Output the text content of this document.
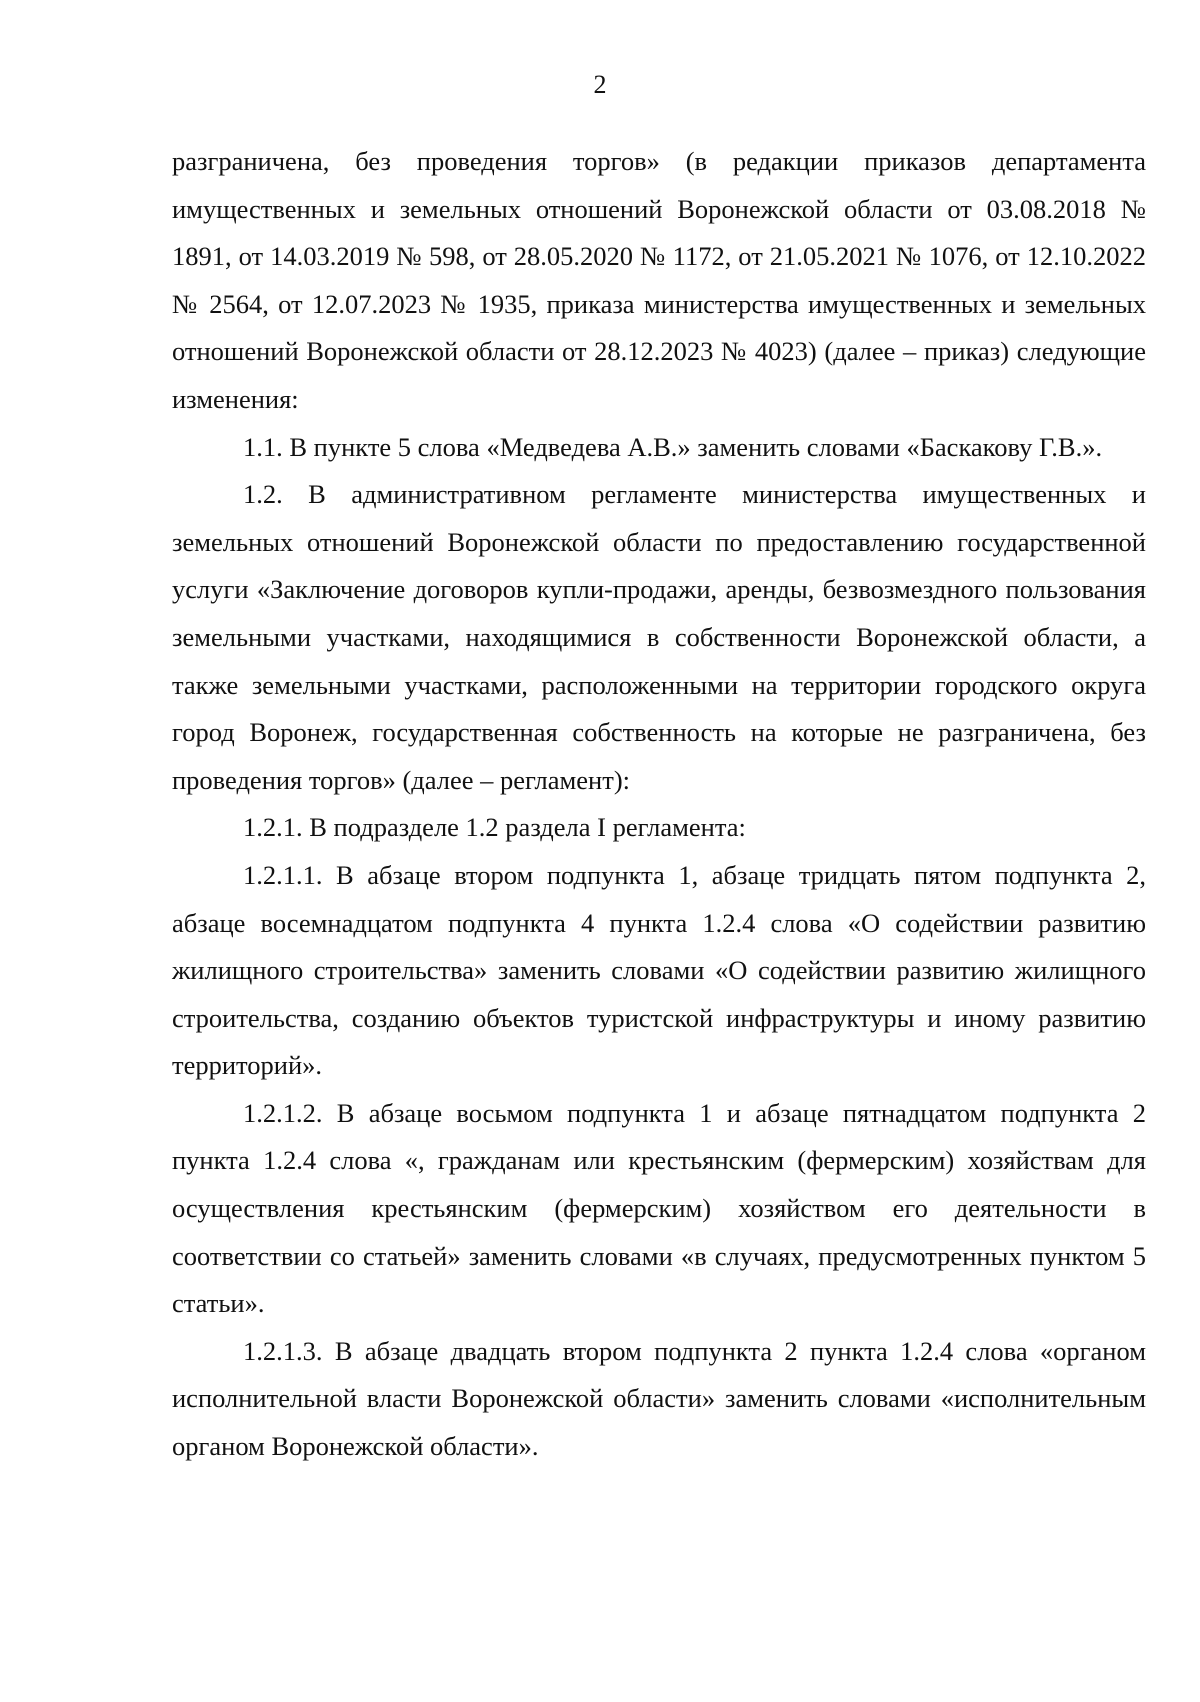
2

разграничена, без проведения торгов» (в редакции приказов департамента имущественных и земельных отношений Воронежской области от 03.08.2018 № 1891, от 14.03.2019 № 598, от 28.05.2020 № 1172, от 21.05.2021 № 1076, от 12.10.2022 № 2564, от 12.07.2023 № 1935, приказа министерства имущественных и земельных отношений Воронежской области от 28.12.2023 № 4023) (далее – приказ) следующие изменения:

1.1. В пункте 5 слова «Медведева А.В.» заменить словами «Баскакову Г.В.».

1.2. В административном регламенте министерства имущественных и земельных отношений Воронежской области по предоставлению государственной услуги «Заключение договоров купли-продажи, аренды, безвозмездного пользования земельными участками, находящимися в собственности Воронежской области, а также земельными участками, расположенными на территории городского округа город Воронеж, государственная собственность на которые не разграничена, без проведения торгов» (далее – регламент):

1.2.1. В подразделе 1.2 раздела I регламента:

1.2.1.1. В абзаце втором подпункта 1, абзаце тридцать пятом подпункта 2, абзаце восемнадцатом подпункта 4 пункта 1.2.4 слова «О содействии развитию жилищного строительства» заменить словами «О содействии развитию жилищного строительства, созданию объектов туристской инфраструктуры и иному развитию территорий».

1.2.1.2. В абзаце восьмом подпункта 1 и абзаце пятнадцатом подпункта 2 пункта 1.2.4 слова «, гражданам или крестьянским (фермерским) хозяйствам для осуществления крестьянским (фермерским) хозяйством его деятельности в соответствии со статьей» заменить словами «в случаях, предусмотренных пунктом 5 статьи».

1.2.1.3. В абзаце двадцать втором подпункта 2 пункта 1.2.4 слова «органом исполнительной власти Воронежской области» заменить словами «исполнительным органом Воронежской области».
